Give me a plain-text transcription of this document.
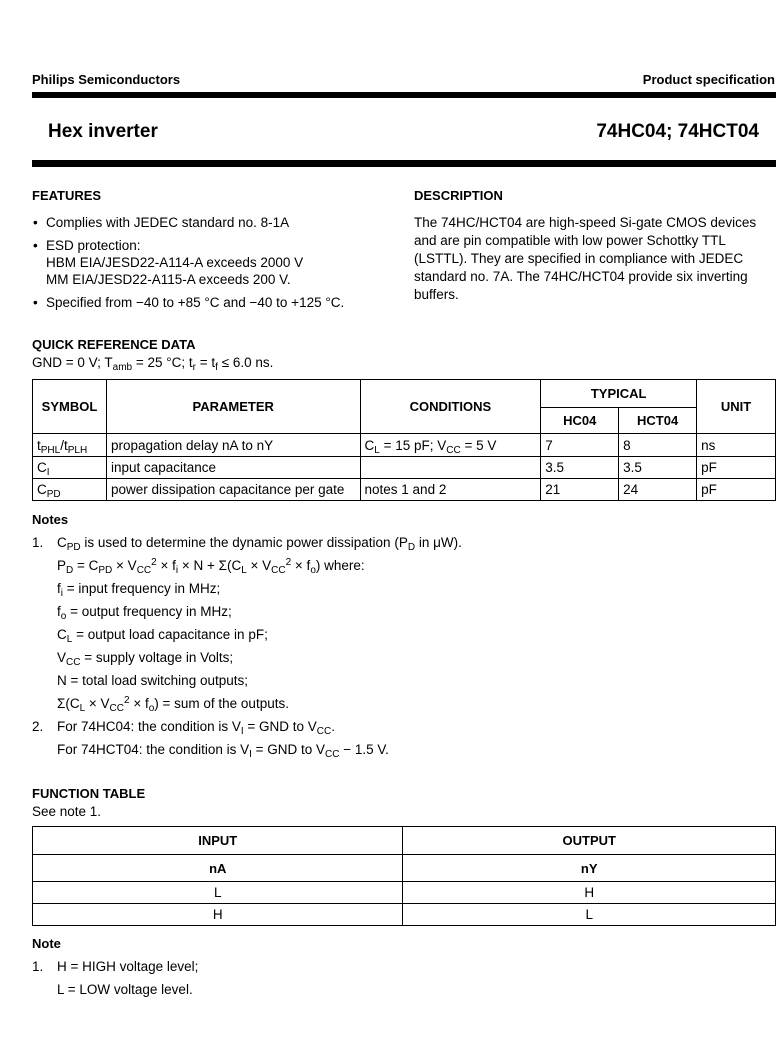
Philips Semiconductors	Product specification
Hex inverter	74HC04; 74HCT04
FEATURES
• Complies with JEDEC standard no. 8-1A
• ESD protection:
HBM EIA/JESD22-A114-A exceeds 2000 V
MM EIA/JESD22-A115-A exceeds 200 V.
• Specified from −40 to +85 °C and −40 to +125 °C.
DESCRIPTION
The 74HC/HCT04 are high-speed Si-gate CMOS devices and are pin compatible with low power Schottky TTL (LSTTL). They are specified in compliance with JEDEC standard no. 7A. The 74HC/HCT04 provide six inverting buffers.
QUICK REFERENCE DATA
GND = 0 V; $T_{amb} = 25$ °C; $t_r = t_f \le 6.0$ ns.
SYMBOL	PARAMETER	CONDITIONS	TYPICAL		UNIT
			HC04	HCT04	
$t_{PHL}/t_{PLH}$	propagation delay nA to nY	$C_L = 15$ pF; $V_{CC} = 5$ V	7	8	ns
$C_I$	input capacitance		3.5	3.5	pF
$C_{PD}$	power dissipation capacitance per gate	notes 1 and 2	21	24	pF
Notes
1. $C_{PD}$ is used to determine the dynamic power dissipation ($P_D$ in μW).
$P_D = C_{PD} \times V_{CC}^2 \times f_i \times N + \Sigma(C_L \times V_{CC}^2 \times f_o)$ where:
$f_i$ = input frequency in MHz;
$f_o$ = output frequency in MHz;
$C_L$ = output load capacitance in pF;
$V_{CC}$ = supply voltage in Volts;
N = total load switching outputs;
$\Sigma(C_L \times V_{CC}^2 \times f_o)$ = sum of the outputs.
2. For 74HC04: the condition is $V_I$ = GND to $V_{CC}$.
For 74HCT04: the condition is $V_I$ = GND to $V_{CC} - 1.5$ V.
FUNCTION TABLE
See note 1.
INPUT	OUTPUT
nA	nY
L	H
H	L
Note
1. H = HIGH voltage level;
L = LOW voltage level.
